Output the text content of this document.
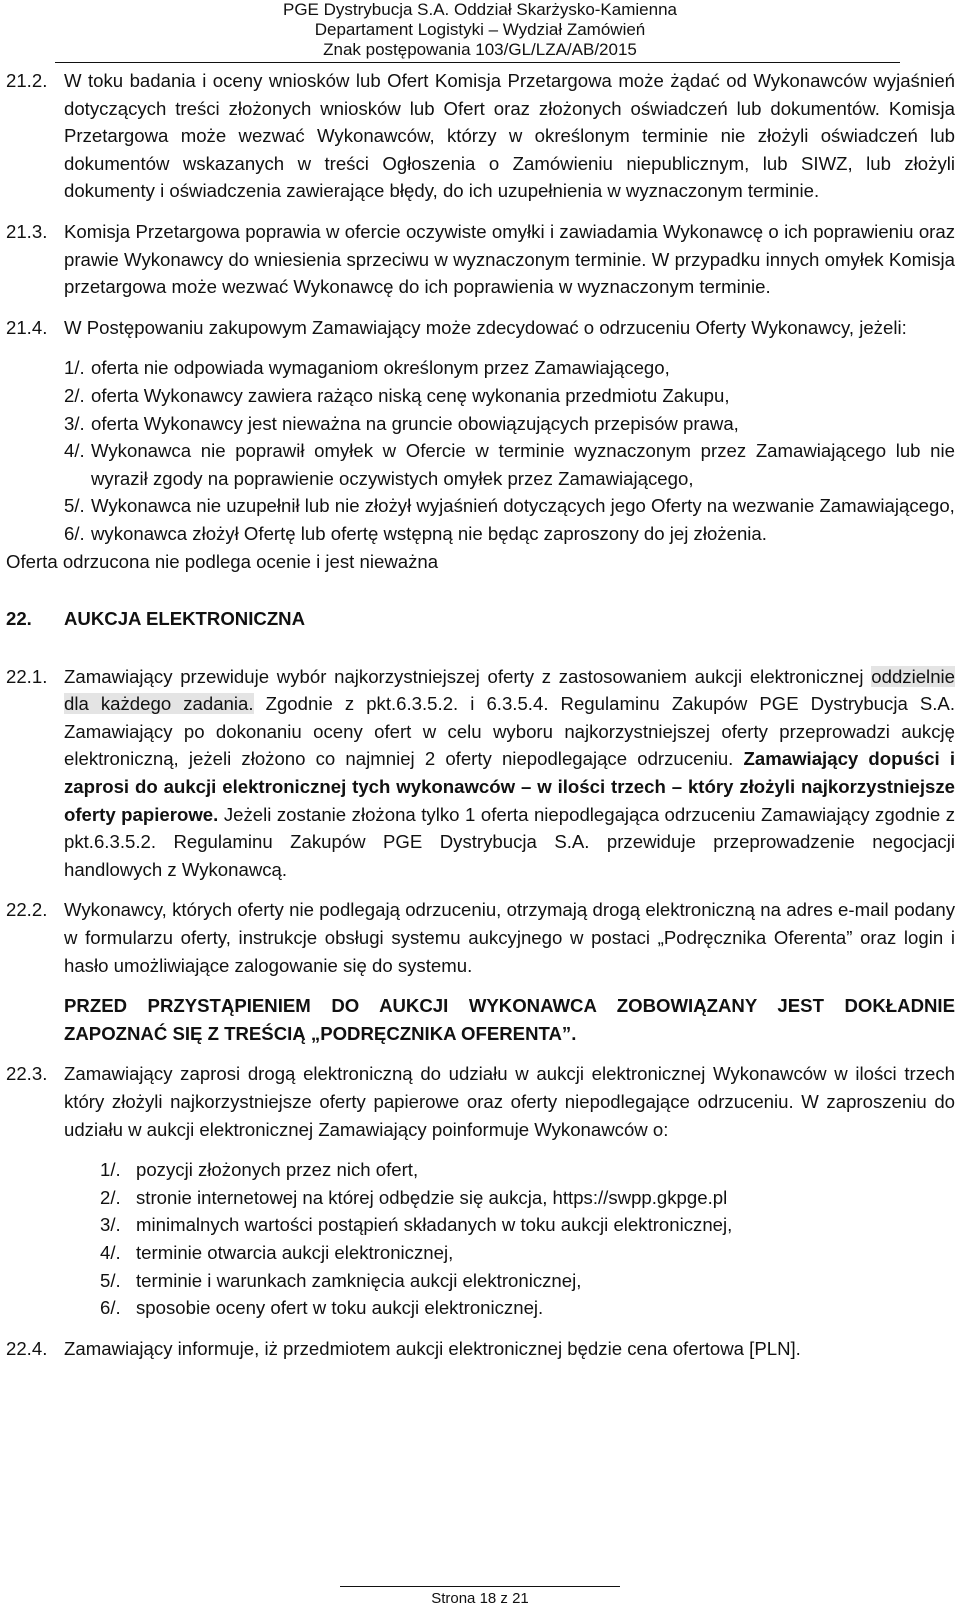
PGE Dystrybucja S.A. Oddział Skarżysko-Kamienna
Departament Logistyki – Wydział Zamówień
Znak postępowania 103/GL/LZA/AB/2015
21.2. W toku badania i oceny wniosków lub Ofert Komisja Przetargowa może żądać od Wykonawców wyjaśnień dotyczących treści złożonych wniosków lub Ofert oraz złożonych oświadczeń lub dokumentów. Komisja Przetargowa może wezwać Wykonawców, którzy w określonym terminie nie złożyli oświadczeń lub dokumentów wskazanych w treści Ogłoszenia o Zamówieniu niepublicznym, lub SIWZ, lub złożyli dokumenty i oświadczenia zawierające błędy, do ich uzupełnienia w wyznaczonym terminie.
21.3. Komisja Przetargowa poprawia w ofercie oczywiste omyłki i zawiadamia Wykonawcę o ich poprawieniu oraz prawie Wykonawcy do wniesienia sprzeciwu w wyznaczonym terminie. W przypadku innych omyłek Komisja przetargowa może wezwać Wykonawcę do ich poprawienia w wyznaczonym terminie.
21.4. W Postępowaniu zakupowym Zamawiający może zdecydować o odrzuceniu Oferty Wykonawcy, jeżeli:
1/. oferta nie odpowiada wymaganiom określonym przez Zamawiającego,
2/. oferta Wykonawcy zawiera rażąco niską cenę wykonania przedmiotu Zakupu,
3/. oferta Wykonawcy jest nieważna na gruncie obowiązujących przepisów prawa,
4/. Wykonawca nie poprawił omyłek w Ofercie w terminie wyznaczonym przez Zamawiającego lub nie wyraził zgody na poprawienie oczywistych omyłek przez Zamawiającego,
5/. Wykonawca nie uzupełnił lub nie złożył wyjaśnień dotyczących jego Oferty na wezwanie Zamawiającego,
6/. wykonawca złożył Ofertę lub ofertę wstępną nie będąc zaproszony do jej złożenia.
Oferta odrzucona nie podlega ocenie i jest nieważna
22.	AUKCJA ELEKTRONICZNA
22.1. Zamawiający przewiduje wybór najkorzystniejszej oferty z zastosowaniem aukcji elektronicznej oddzielnie dla każdego zadania. Zgodnie z pkt.6.3.5.2. i 6.3.5.4. Regulaminu Zakupów PGE Dystrybucja S.A. Zamawiający po dokonaniu oceny ofert w celu wyboru najkorzystniejszej oferty przeprowadzi aukcję elektroniczną, jeżeli złożono co najmniej 2 oferty niepodlegające odrzuceniu. Zamawiający dopuści i zaprosi do aukcji elektronicznej tych wykonawców – w ilości trzech – który złożyli najkorzystniejsze oferty papierowe. Jeżeli zostanie złożona tylko 1 oferta niepodlegająca odrzuceniu Zamawiający zgodnie z pkt.6.3.5.2. Regulaminu Zakupów PGE Dystrybucja S.A. przewiduje przeprowadzenie negocjacji handlowych z Wykonawcą.
22.2. Wykonawcy, których oferty nie podlegają odrzuceniu, otrzymają drogą elektroniczną na adres e-mail podany w formularzu oferty, instrukcje obsługi systemu aukcyjnego w postaci „Podręcznika Oferenta” oraz login i hasło umożliwiające zalogowanie się do systemu.
PRZED PRZYSTĄPIENIEM DO AUKCJI WYKONAWCA ZOBOWIĄZANY JEST DOKŁADNIE ZAPOZNAĆ SIĘ Z TREŚCIĄ „PODRĘCZNIKA OFERENTA”.
22.3. Zamawiający zaprosi drogą elektroniczną do udziału w aukcji elektronicznej Wykonawców w ilości trzech który złożyli najkorzystniejsze oferty papierowe oraz oferty niepodlegające odrzuceniu. W zaproszeniu do udziału w aukcji elektronicznej Zamawiający poinformuje Wykonawców o:
1/. pozycji złożonych przez nich ofert,
2/. stronie internetowej na której odbędzie się aukcja, https://swpp.gkpge.pl
3/. minimalnych wartości postąpień składanych w toku aukcji elektronicznej,
4/. terminie otwarcia aukcji elektronicznej,
5/. terminie i warunkach zamknięcia aukcji elektronicznej,
6/. sposobie oceny ofert w toku aukcji elektronicznej.
22.4. Zamawiający informuje, iż przedmiotem aukcji elektronicznej będzie cena ofertowa [PLN].
Strona 18 z 21
